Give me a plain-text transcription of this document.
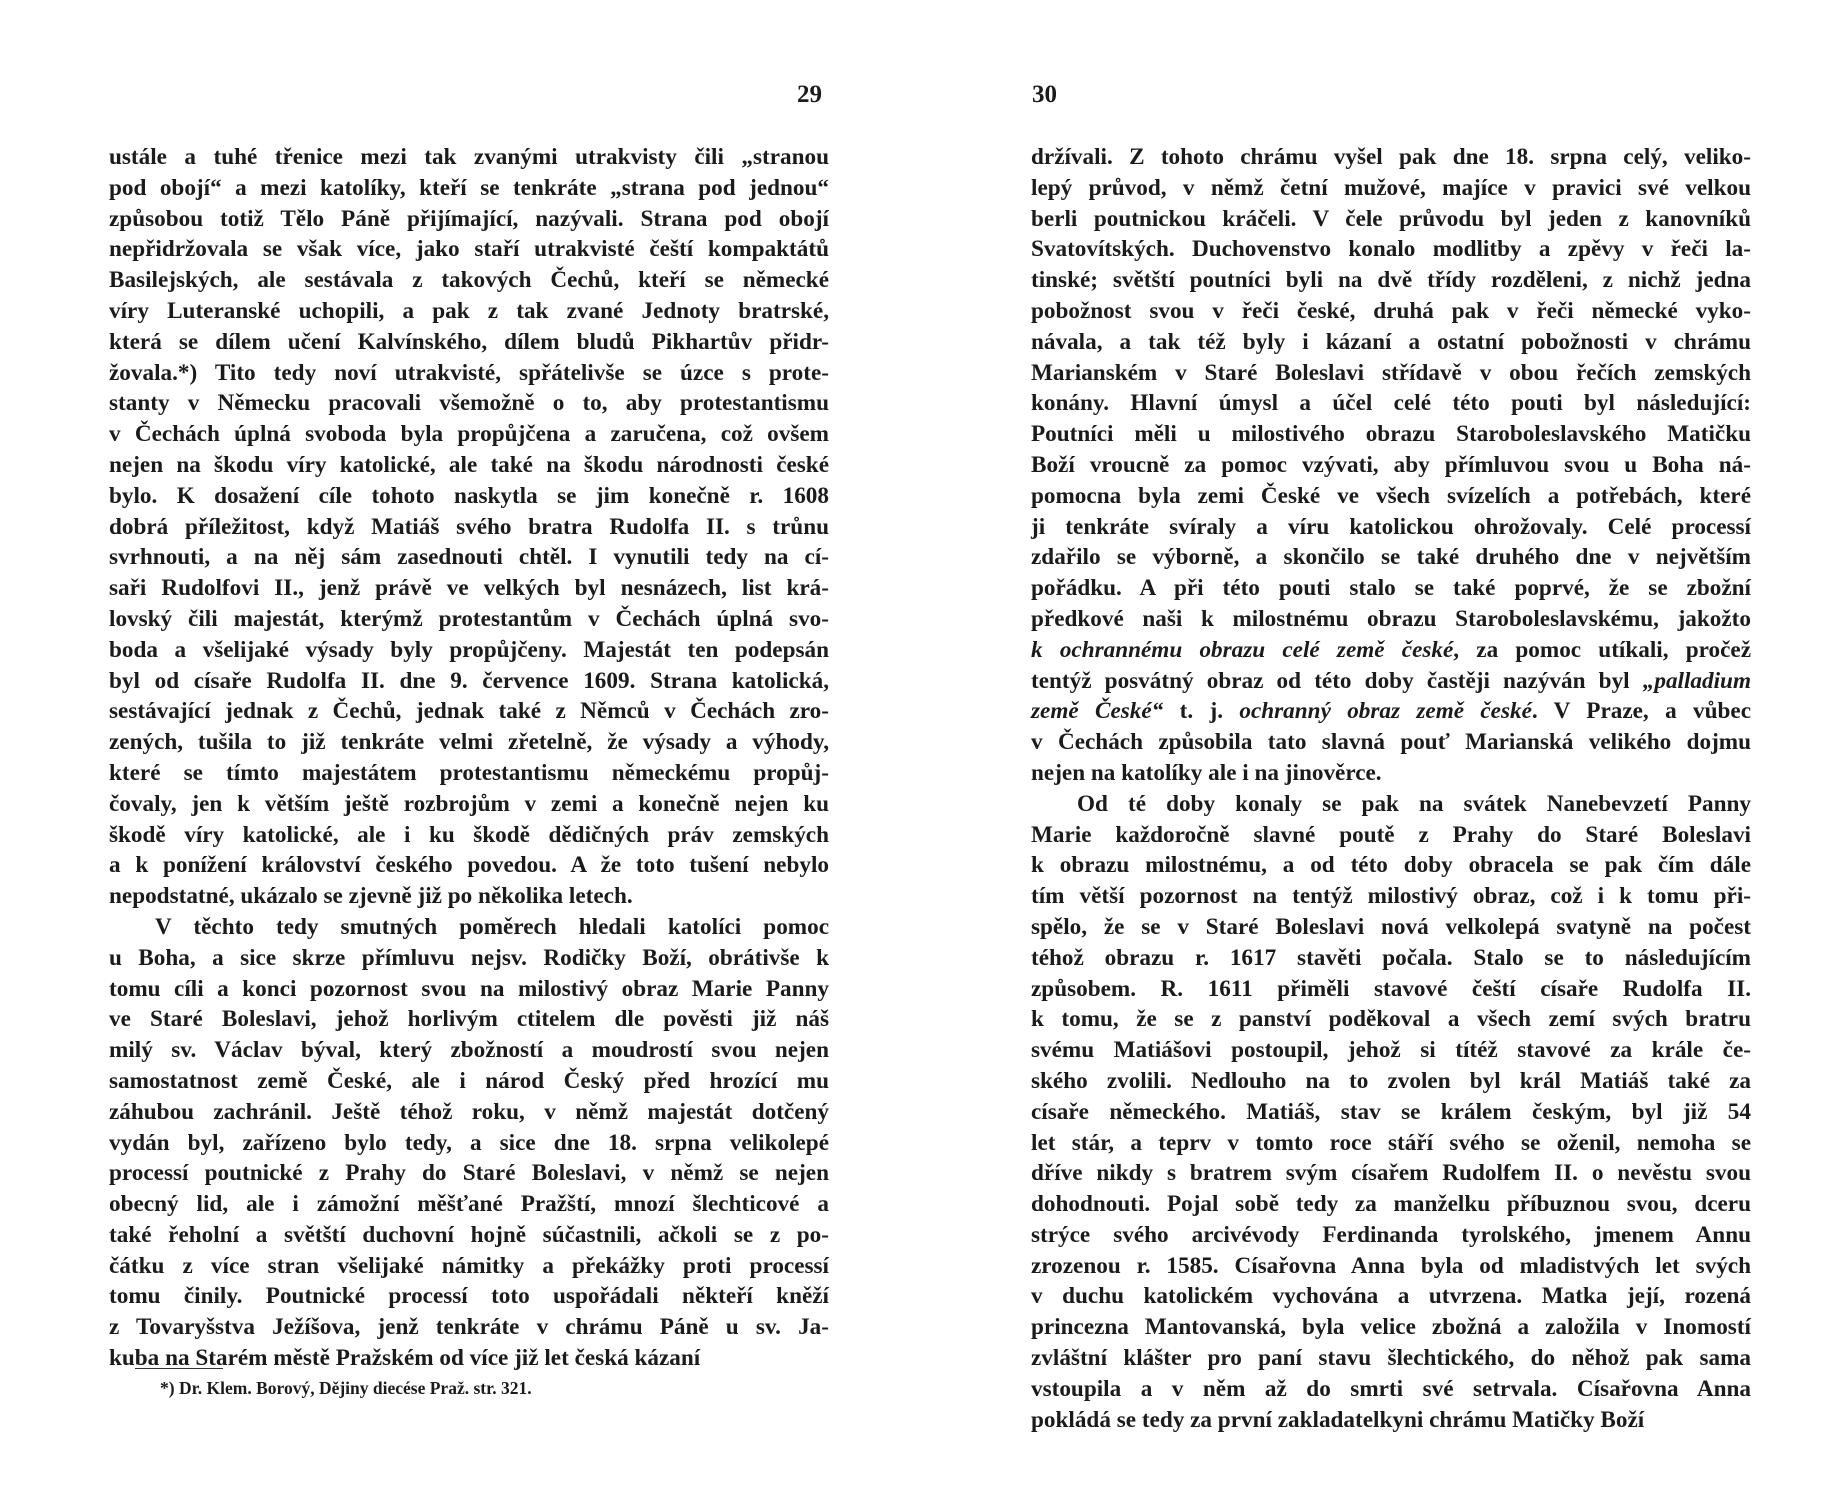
29
ustále a tuhé třenice mezi tak zvanými utrakvisty čili „stranou
pod obojí“ a mezi katolíky, kteří se tenkráte „strana pod jednou“
způsobou totiž Tělo Páně přijímající, nazývali. Strana pod obojí
nepřidržovala se však více, jako staří utrakvisté čeští kompaktátů
Basilejských, ale sestávala z takových Čechů, kteří se německé
víry Luteranské uchopili, a pak z tak zvané Jednoty bratrské,
která se dílem učení Kalvínského, dílem bludů Pikhartův přidr-
žovala.*) Tito tedy noví utrakvisté, spřátelivše se úzce s prote-
stanty v Německu pracovali všemožně o to, aby protestantismu
v Čechách úplná svoboda byla propůjčena a zaručena, což ovšem
nejen na škodu víry katolické, ale také na škodu národnosti české
bylo. K dosažení cíle tohoto naskytla se jim konečně r. 1608
dobrá příležitost, když Matiáš svého bratra Rudolfa II. s trůnu
svrhnouti, a na něj sám zasednouti chtěl. I vynutili tedy na cí-
saři Rudolfovi II., jenž právě ve velkých byl nesnázech, list krá-
lovský čili majestát, kterýmž protestantům v Čechách úplná svo-
boda a všelijaké výsady byly propůjčeny. Majestát ten podepsán
byl od císaře Rudolfa II. dne 9. července 1609. Strana katolická,
sestávající jednak z Čechů, jednak také z Němců v Čechách zro-
zených, tušila to již tenkráte velmi zřetelně, že výsady a výhody,
které se tímto majestátem protestantismu německému propůj-
čovaly, jen k větším ještě rozbrojům v zemi a konečně nejen ku
škodě víry katolické, ale i ku škodě dědičných práv zemských
a k ponížení království českého povedou. A že toto tušení nebylo
nepodstatné, ukázalo se zjevně již po několika letech.
V těchto tedy smutných poměrech hledali katolíci pomoc
u Boha, a sice skrze přímluvu nejsv. Rodičky Boží, obrátivše k
tomu cíli a konci pozornost svou na milostivý obraz Marie Panny
ve Staré Boleslavi, jehož horlivým ctitelem dle pověsti již náš
milý sv. Václav býval, který zbožností a moudrostí svou nejen
samostatnost země České, ale i národ Český před hrozící mu
záhubou zachránil. Ještě téhož roku, v němž majestát dotčený
vydán byl, zařízeno bylo tedy, a sice dne 18. srpna velikolepé
processí poutnické z Prahy do Staré Boleslavi, v němž se nejen
obecný lid, ale i zámožní měšťané Pražští, mnozí šlechticové a
také řeholní a světští duchovní hojně súčastnili, ačkoli se z po-
čátku z více stran všelijaké námitky a překážky proti processí
tomu činily. Poutnické processí toto uspořádali někteří kněží
z Tovaryšstva Ježíšova, jenž tenkráte v chrámu Páně u sv. Ja-
kuba na Starém městě Pražském od více již let česká kázaní
*) Dr. Klem. Borový, Dějiny diecése Praž. str. 321.
30
držívali. Z tohoto chrámu vyšel pak dne 18. srpna celý, veliko-
lepý průvod, v němž četní mužové, majíce v pravici své velkou
berli poutnickou kráčeli. V čele průvodu byl jeden z kanovníků
Svatovítských. Duchovenstvo konalo modlitby a zpěvy v řeči la-
tinské; světští poutníci byli na dvě třídy rozděleni, z nichž jedna
pobožnost svou v řeči české, druhá pak v řeči německé vyko-
návala, a tak též byly i kázaní a ostatní pobožnosti v chrámu
Marianském v Staré Boleslavi střídavě v obou řečích zemských
konány. Hlavní úmysl a účel celé této pouti byl následující:
Poutníci měli u milostivého obrazu Staroboleslavského Matičku
Boží vroucně za pomoc vzývati, aby přímluvou svou u Boha ná-
pomocna byla zemi České ve všech svízelích a potřebách, které
ji tenkráte svíraly a víru katolickou ohrožovaly. Celé processí
zdařilo se výborně, a skončilo se také druhého dne v největším
pořádku. A při této pouti stalo se také poprvé, že se zbožní
předkové naši k milostnému obrazu Staroboleslavskému, jakožto
k ochrannému obrazu celé země české, za pomoc utíkali, pročež
tentýž posvátný obraz od této doby častěji nazýván byl „palladium
země České“ t. j. ochranný obraz země české. V Praze, a vůbec
v Čechách způsobila tato slavná pouť Marianská velikého dojmu
nejen na katolíky ale i na jinověrce.
Od té doby konaly se pak na svátek Nanebevzetí Panny
Marie každoročně slavné poutě z Prahy do Staré Boleslavi
k obrazu milostnému, a od této doby obracela se pak čím dále
tím větší pozornost na tentýž milostivý obraz, což i k tomu při-
spělo, že se v Staré Boleslavi nová velkolepá svatyně na počest
téhož obrazu r. 1617 stavěti počala. Stalo se to následujícím
způsobem. R. 1611 přiměli stavové čeští císaře Rudolfa II.
k tomu, že se z panství poděkoval a všech zemí svých bratru
svému Matiášovi postoupil, jehož si títéž stavové za krále če-
ského zvolili. Nedlouho na to zvolen byl král Matiáš také za
císaře německého. Matiáš, stav se králem českým, byl již 54
let stár, a teprv v tomto roce stáří svého se oženil, nemoha se
dříve nikdy s bratrem svým císařem Rudolfem II. o nevěstu svou
dohodnouti. Pojal sobě tedy za manželku příbuznou svou, dceru
strýce svého arcivévody Ferdinanda tyrolského, jmenem Annu
zrozenou r. 1585. Císařovna Anna byla od mladistvých let svých
v duchu katolickém vychována a utvrzena. Matka její, rozená
princezna Mantovanská, byla velice zbožná a založila v Inomostí
zvláštní klášter pro paní stavu šlechtického, do něhož pak sama
vstoupila a v něm až do smrti své setrvala. Císařovna Anna
pokládá se tedy za první zakladatelkyni chrámu Matičky Boží
